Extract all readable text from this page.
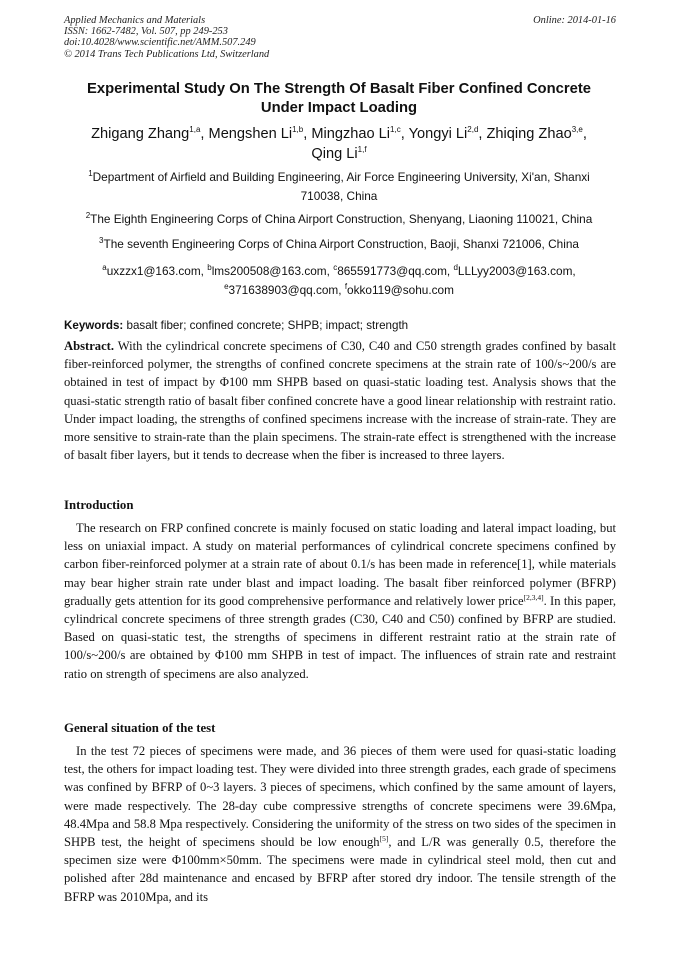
Applied Mechanics and Materials
ISSN: 1662-7482, Vol. 507, pp 249-253
doi:10.4028/www.scientific.net/AMM.507.249
© 2014 Trans Tech Publications Ltd, Switzerland
Online: 2014-01-16
Experimental Study On The Strength Of Basalt Fiber Confined Concrete
Under Impact Loading
Zhigang Zhang$^{1,a}$, Mengshen Li$^{1,b}$, Mingzhao Li$^{1,c}$, Yongyi Li$^{2,d}$, Zhiqing Zhao$^{3,e}$,
Qing Li$^{1,f}$
$^1$Department of Airfield and Building Engineering, Air Force Engineering University, Xi'an, Shanxi
710038, China
$^2$The Eighth Engineering Corps of China Airport Construction, Shenyang, Liaoning 110021, China
$^3$The seventh Engineering Corps of China Airport Construction, Baoji, Shanxi 721006, China
$^a$uxzzx1@163.com, $^b$lms200508@163.com, $^c$865591773@qq.com, $^d$LLLyy2003@163.com,
$^e$371638903@qq.com, $^f$okko119@sohu.com
Keywords: basalt fiber; confined concrete; SHPB; impact; strength
Abstract. With the cylindrical concrete specimens of C30, C40 and C50 strength grades confined by basalt fiber-reinforced polymer, the strengths of confined concrete specimens at the strain rate of 100/s~200/s are obtained in test of impact by Φ100 mm SHPB based on quasi-static loading test. Analysis shows that the quasi-static strength ratio of basalt fiber confined concrete have a good linear relationship with restraint ratio. Under impact loading, the strengths of confined specimens increase with the increase of strain-rate. They are more sensitive to strain-rate than the plain specimens. The strain-rate effect is strengthened with the increase of basalt fiber layers, but it tends to decrease when the fiber is increased to three layers.
Introduction
The research on FRP confined concrete is mainly focused on static loading and lateral impact loading, but less on uniaxial impact. A study on material performances of cylindrical concrete specimens confined by carbon fiber-reinforced polymer at a strain rate of about 0.1/s has been made in reference[1], while materials may bear higher strain rate under blast and impact loading. The basalt fiber reinforced polymer (BFRP) gradually gets attention for its good comprehensive performance and relatively lower price[2,3,4]. In this paper, cylindrical concrete specimens of three strength grades (C30, C40 and C50) confined by BFRP are studied. Based on quasi-static test, the strengths of specimens in different restraint ratio at the strain rate of 100/s~200/s are obtained by Φ100 mm SHPB in test of impact. The influences of strain rate and restraint ratio on strength of specimens are also analyzed.
General situation of the test
In the test 72 pieces of specimens were made, and 36 pieces of them were used for quasi-static loading test, the others for impact loading test. They were divided into three strength grades, each grade of specimens was confined by BFRP of 0~3 layers. 3 pieces of specimens, which confined by the same amount of layers, were made respectively. The 28-day cube compressive strengths of concrete specimens were 39.6Mpa, 48.4Mpa and 58.8 Mpa respectively. Considering the uniformity of the stress on two sides of the specimen in SHPB test, the height of specimens should be low enough[5], and L/R was generally 0.5, therefore the specimen size were Φ100mm×50mm. The specimens were made in cylindrical steel mold, then cut and polished after 28d maintenance and encased by BFRP after stored dry indoor. The tensile strength of the BFRP was 2010Mpa, and its
